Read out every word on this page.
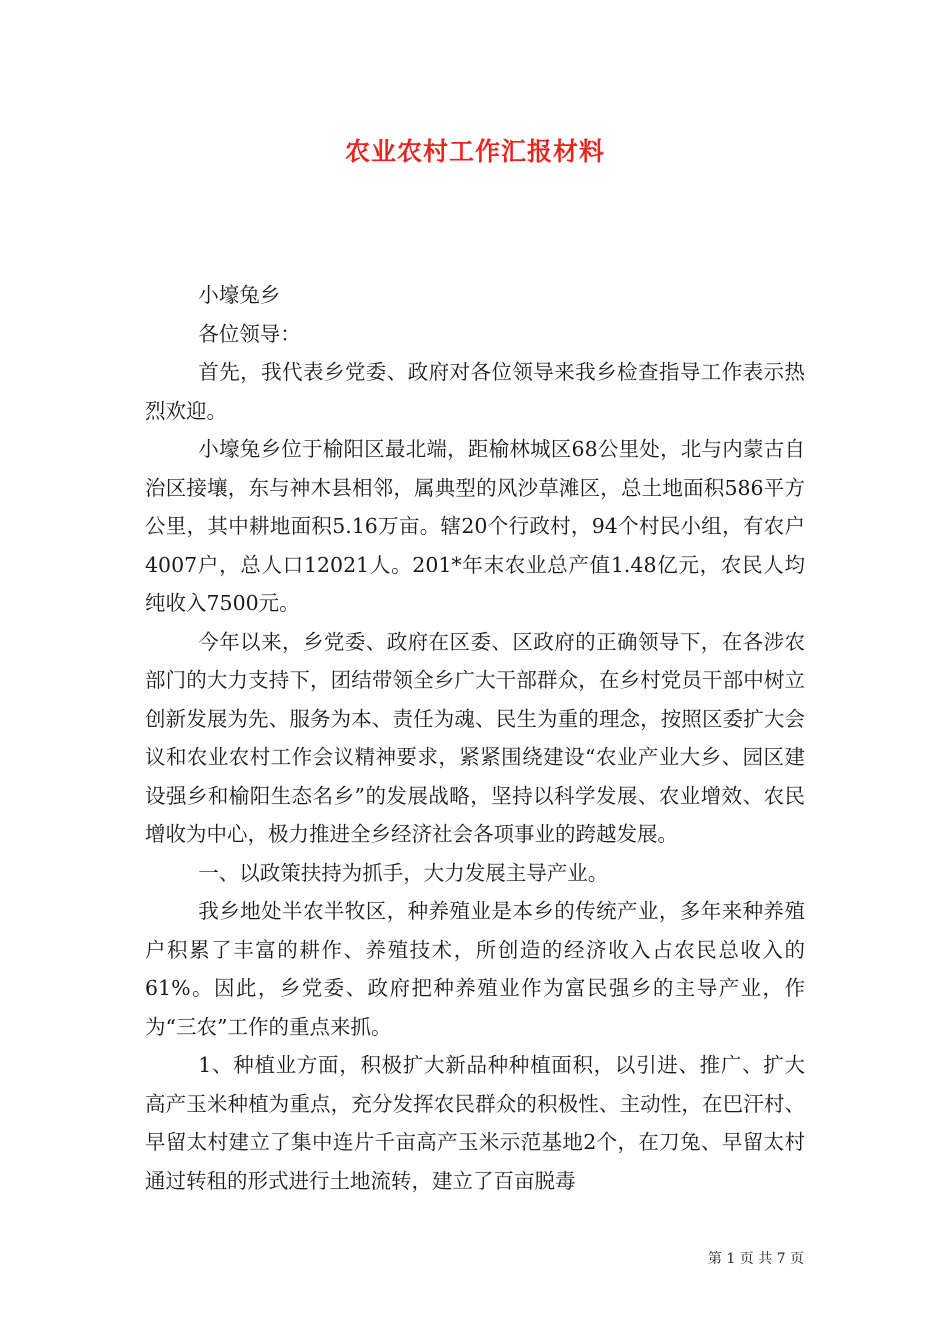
农业农村工作汇报材料

小壕兔乡

各位领导：

首先，我代表乡党委、政府对各位领导来我乡检查指导工作表示热烈欢迎。

小壕兔乡位于榆阳区最北端，距榆林城区68公里处，北与内蒙古自治区接壤，东与神木县相邻，属典型的风沙草滩区，总土地面积586平方公里，其中耕地面积5.16万亩。辖20个行政村，94个村民小组，有农户4007户，总人口12021人。201*年末农业总产值1.48亿元，农民人均纯收入7500元。

今年以来，乡党委、政府在区委、区政府的正确领导下，在各涉农部门的大力支持下，团结带领全乡广大干部群众，在乡村党员干部中树立创新发展为先、服务为本、责任为魂、民生为重的理念，按照区委扩大会议和农业农村工作会议精神要求，紧紧围绕建设“农业产业大乡、园区建设强乡和榆阳生态名乡”的发展战略，坚持以科学发展、农业增效、农民增收为中心，极力推进全乡经济社会各项事业的跨越发展。

一、以政策扶持为抓手，大力发展主导产业。

我乡地处半农半牧区，种养殖业是本乡的传统产业，多年来种养殖户积累了丰富的耕作、养殖技术，所创造的经济收入占农民总收入的61%。因此，乡党委、政府把种养殖业作为富民强乡的主导产业，作为“三农”工作的重点来抓。

1、种植业方面，积极扩大新品种种植面积，以引进、推广、扩大高产玉米种植为重点，充分发挥农民群众的积极性、主动性，在巴汗村、早留太村建立了集中连片千亩高产玉米示范基地2个，在刀兔、早留太村通过转租的形式进行土地流转，建立了百亩脱毒

第 1 页 共 7 页
